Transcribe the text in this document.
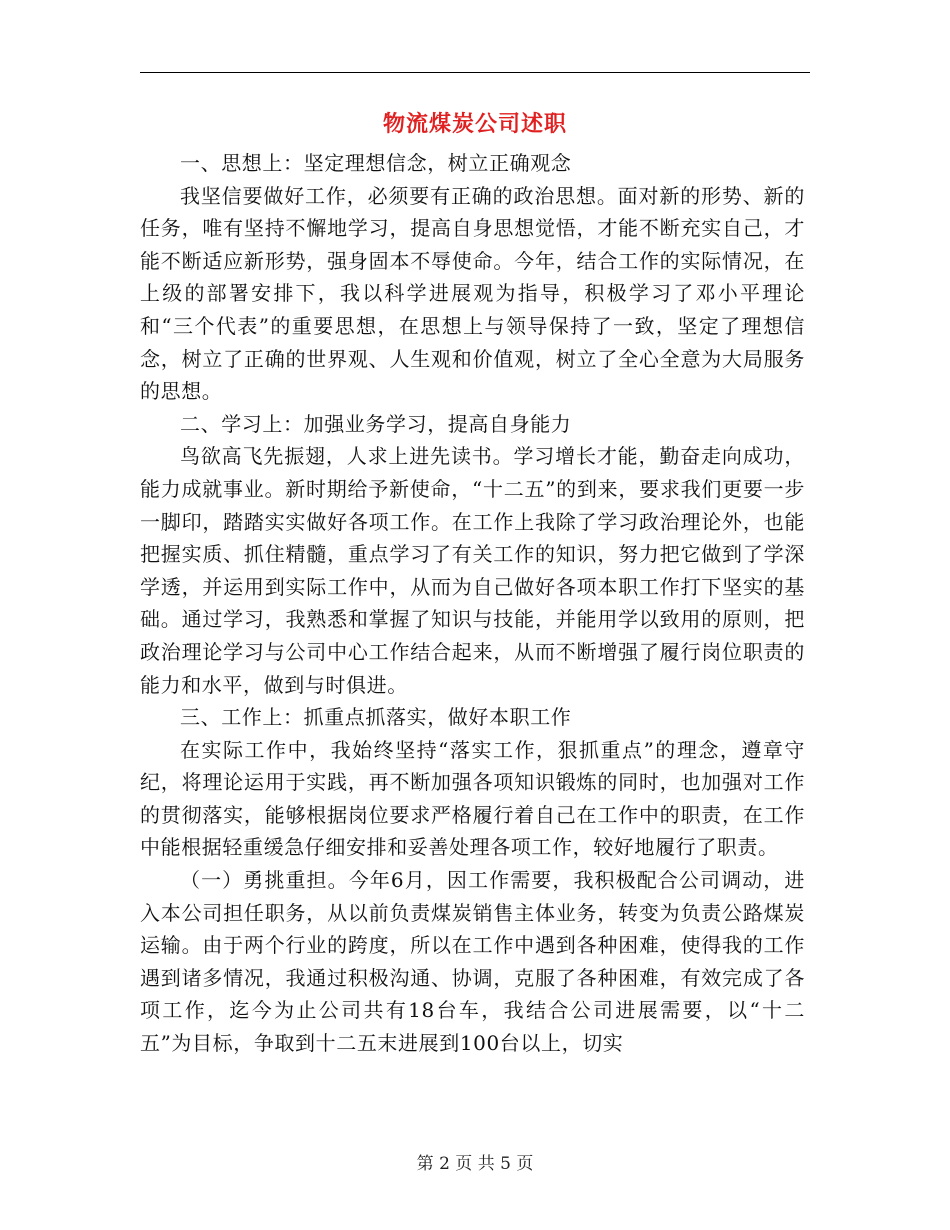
物流煤炭公司述职

一、思想上：坚定理想信念，树立正确观念

我坚信要做好工作，必须要有正确的政治思想。面对新的形势、新的任务，唯有坚持不懈地学习，提高自身思想觉悟，才能不断充实自己，才能不断适应新形势，强身固本不辱使命。今年，结合工作的实际情况，在上级的部署安排下，我以科学进展观为指导，积极学习了邓小平理论和“三个代表”的重要思想，在思想上与领导保持了一致，坚定了理想信念，树立了正确的世界观、人生观和价值观，树立了全心全意为大局服务的思想。

二、学习上：加强业务学习，提高自身能力

鸟欲高飞先振翅，人求上进先读书。学习增长才能，勤奋走向成功，能力成就事业。新时期给予新使命，“十二五”的到来，要求我们更要一步一脚印，踏踏实实做好各项工作。在工作上我除了学习政治理论外，也能把握实质、抓住精髓，重点学习了有关工作的知识，努力把它做到了学深学透，并运用到实际工作中，从而为自己做好各项本职工作打下坚实的基础。通过学习，我熟悉和掌握了知识与技能，并能用学以致用的原则，把政治理论学习与公司中心工作结合起来，从而不断增强了履行岗位职责的能力和水平，做到与时俱进。

三、工作上：抓重点抓落实，做好本职工作

在实际工作中，我始终坚持“落实工作，狠抓重点”的理念，遵章守纪，将理论运用于实践，再不断加强各项知识锻炼的同时，也加强对工作的贯彻落实，能够根据岗位要求严格履行着自己在工作中的职责，在工作中能根据轻重缓急仔细安排和妥善处理各项工作，较好地履行了职责。

（一）勇挑重担。今年6月，因工作需要，我积极配合公司调动，进入本公司担任职务，从以前负责煤炭销售主体业务，转变为负责公路煤炭运输。由于两个行业的跨度，所以在工作中遇到各种困难，使得我的工作遇到诸多情况，我通过积极沟通、协调，克服了各种困难，有效完成了各项工作，迄今为止公司共有18台车，我结合公司进展需要，以“十二五”为目标，争取到十二五末进展到100台以上，切实

第 2 页 共 5 页
